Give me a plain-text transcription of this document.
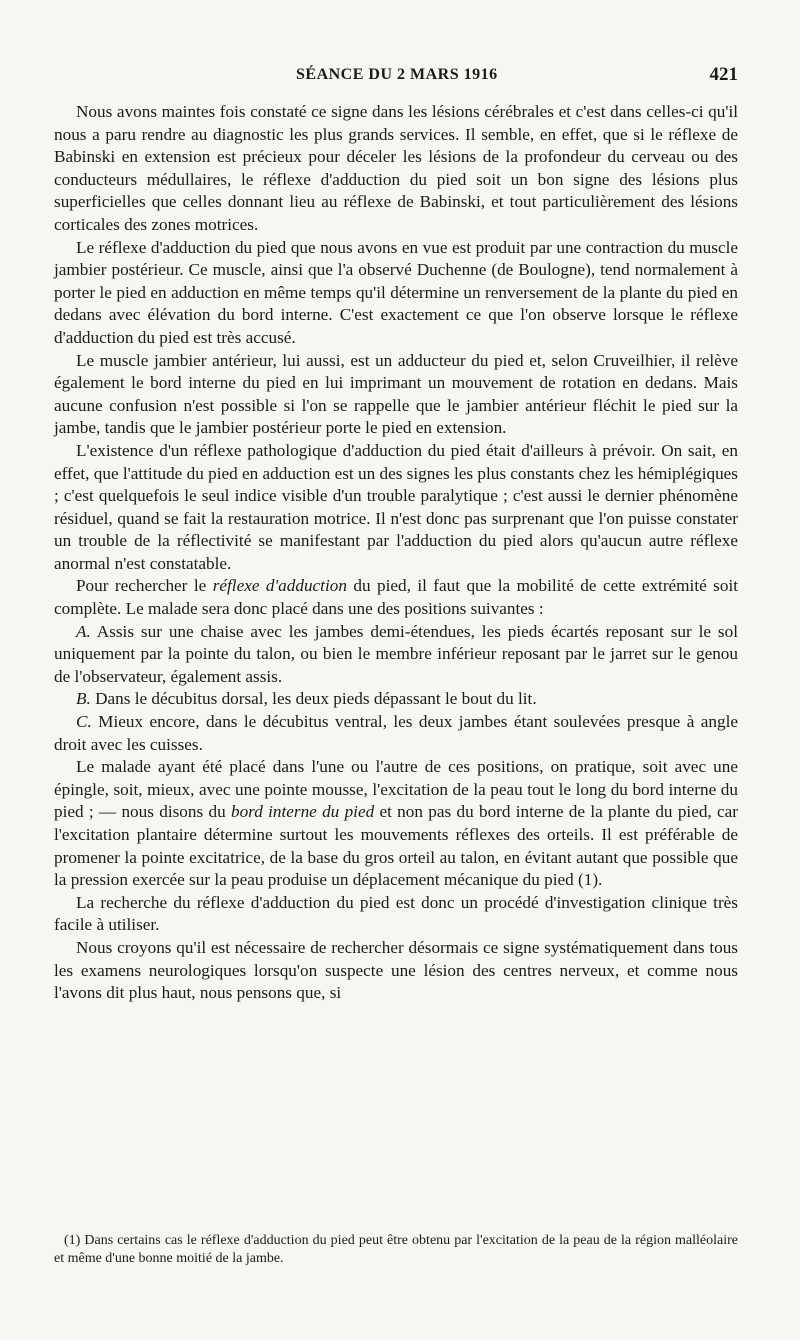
SÉANCE DU 2 MARS 1916	421

Nous avons maintes fois constaté ce signe dans les lésions cérébrales et c'est dans celles-ci qu'il nous a paru rendre au diagnostic les plus grands services. Il semble, en effet, que si le réflexe de Babinski en extension est précieux pour déceler les lésions de la profondeur du cerveau ou des conducteurs médullaires, le réflexe d'adduction du pied soit un bon signe des lésions plus superficielles que celles donnant lieu au réflexe de Babinski, et tout particulièrement des lésions corticales des zones motrices.

Le réflexe d'adduction du pied que nous avons en vue est produit par une contraction du muscle jambier postérieur. Ce muscle, ainsi que l'a observé Duchenne (de Boulogne), tend normalement à porter le pied en adduction en même temps qu'il détermine un renversement de la plante du pied en dedans avec élévation du bord interne. C'est exactement ce que l'on observe lorsque le réflexe d'adduction du pied est très accusé.

Le muscle jambier antérieur, lui aussi, est un adducteur du pied et, selon Cruveilhier, il relève également le bord interne du pied en lui imprimant un mouvement de rotation en dedans. Mais aucune confusion n'est possible si l'on se rappelle que le jambier antérieur fléchit le pied sur la jambe, tandis que le jambier postérieur porte le pied en extension.

L'existence d'un réflexe pathologique d'adduction du pied était d'ailleurs à prévoir. On sait, en effet, que l'attitude du pied en adduction est un des signes les plus constants chez les hémiplégiques ; c'est quelquefois le seul indice visible d'un trouble paralytique ; c'est aussi le dernier phénomène résiduel, quand se fait la restauration motrice. Il n'est donc pas surprenant que l'on puisse constater un trouble de la réflectivité se manifestant par l'adduction du pied alors qu'aucun autre réflexe anormal n'est constatable.

Pour rechercher le réflexe d'adduction du pied, il faut que la mobilité de cette extrémité soit complète. Le malade sera donc placé dans une des positions suivantes :

A. Assis sur une chaise avec les jambes demi-étendues, les pieds écartés reposant sur le sol uniquement par la pointe du talon, ou bien le membre inférieur reposant par le jarret sur le genou de l'observateur, également assis.

B. Dans le décubitus dorsal, les deux pieds dépassant le bout du lit.

C. Mieux encore, dans le décubitus ventral, les deux jambes étant soulevées presque à angle droit avec les cuisses.

Le malade ayant été placé dans l'une ou l'autre de ces positions, on pratique, soit avec une épingle, soit, mieux, avec une pointe mousse, l'excitation de la peau tout le long du bord interne du pied ; — nous disons du bord interne du pied et non pas du bord interne de la plante du pied, car l'excitation plantaire détermine surtout les mouvements réflexes des orteils. Il est préférable de promener la pointe excitatrice, de la base du gros orteil au talon, en évitant autant que possible que la pression exercée sur la peau produise un déplacement mécanique du pied (1).

La recherche du réflexe d'adduction du pied est donc un procédé d'investigation clinique très facile à utiliser.

Nous croyons qu'il est nécessaire de rechercher désormais ce signe systématiquement dans tous les examens neurologiques lorsqu'on suspecte une lésion des centres nerveux, et comme nous l'avons dit plus haut, nous pensons que, si

(1) Dans certains cas le réflexe d'adduction du pied peut être obtenu par l'excitation de la peau de la région malléolaire et même d'une bonne moitié de la jambe.
